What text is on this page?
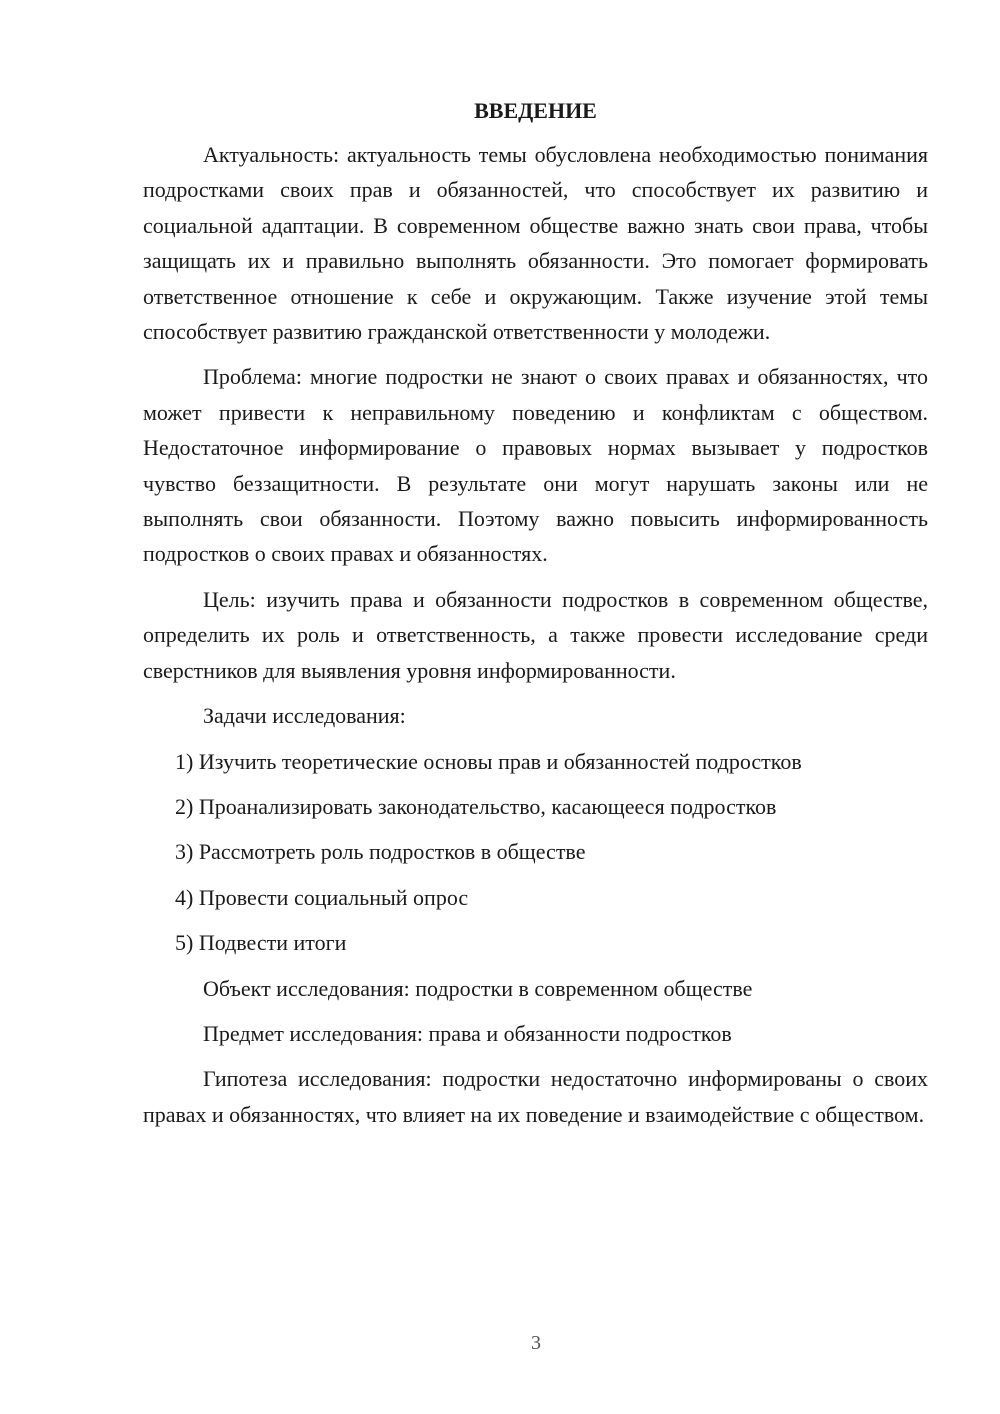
ВВЕДЕНИЕ

Актуальность: актуальность темы обусловлена необходимостью понимания подростками своих прав и обязанностей, что способствует их развитию и социальной адаптации. В современном обществе важно знать свои права, чтобы защищать их и правильно выполнять обязанности. Это помогает формировать ответственное отношение к себе и окружающим. Также изучение этой темы способствует развитию гражданской ответственности у молодежи.

Проблема: многие подростки не знают о своих правах и обязанностях, что может привести к неправильному поведению и конфликтам с обществом. Недостаточное информирование о правовых нормах вызывает у подростков чувство беззащитности. В результате они могут нарушать законы или не выполнять свои обязанности. Поэтому важно повысить информированность подростков о своих правах и обязанностях.

Цель: изучить права и обязанности подростков в современном обществе, определить их роль и ответственность, а также провести исследование среди сверстников для выявления уровня информированности.

Задачи исследования:

1) Изучить теоретические основы прав и обязанностей подростков
2) Проанализировать законодательство, касающееся подростков
3) Рассмотреть роль подростков в обществе
4) Провести социальный опрос
5) Подвести итоги

Объект исследования: подростки в современном обществе

Предмет исследования: права и обязанности подростков

Гипотеза исследования: подростки недостаточно информированы о своих правах и обязанностях, что влияет на их поведение и взаимодействие с обществом.

3
